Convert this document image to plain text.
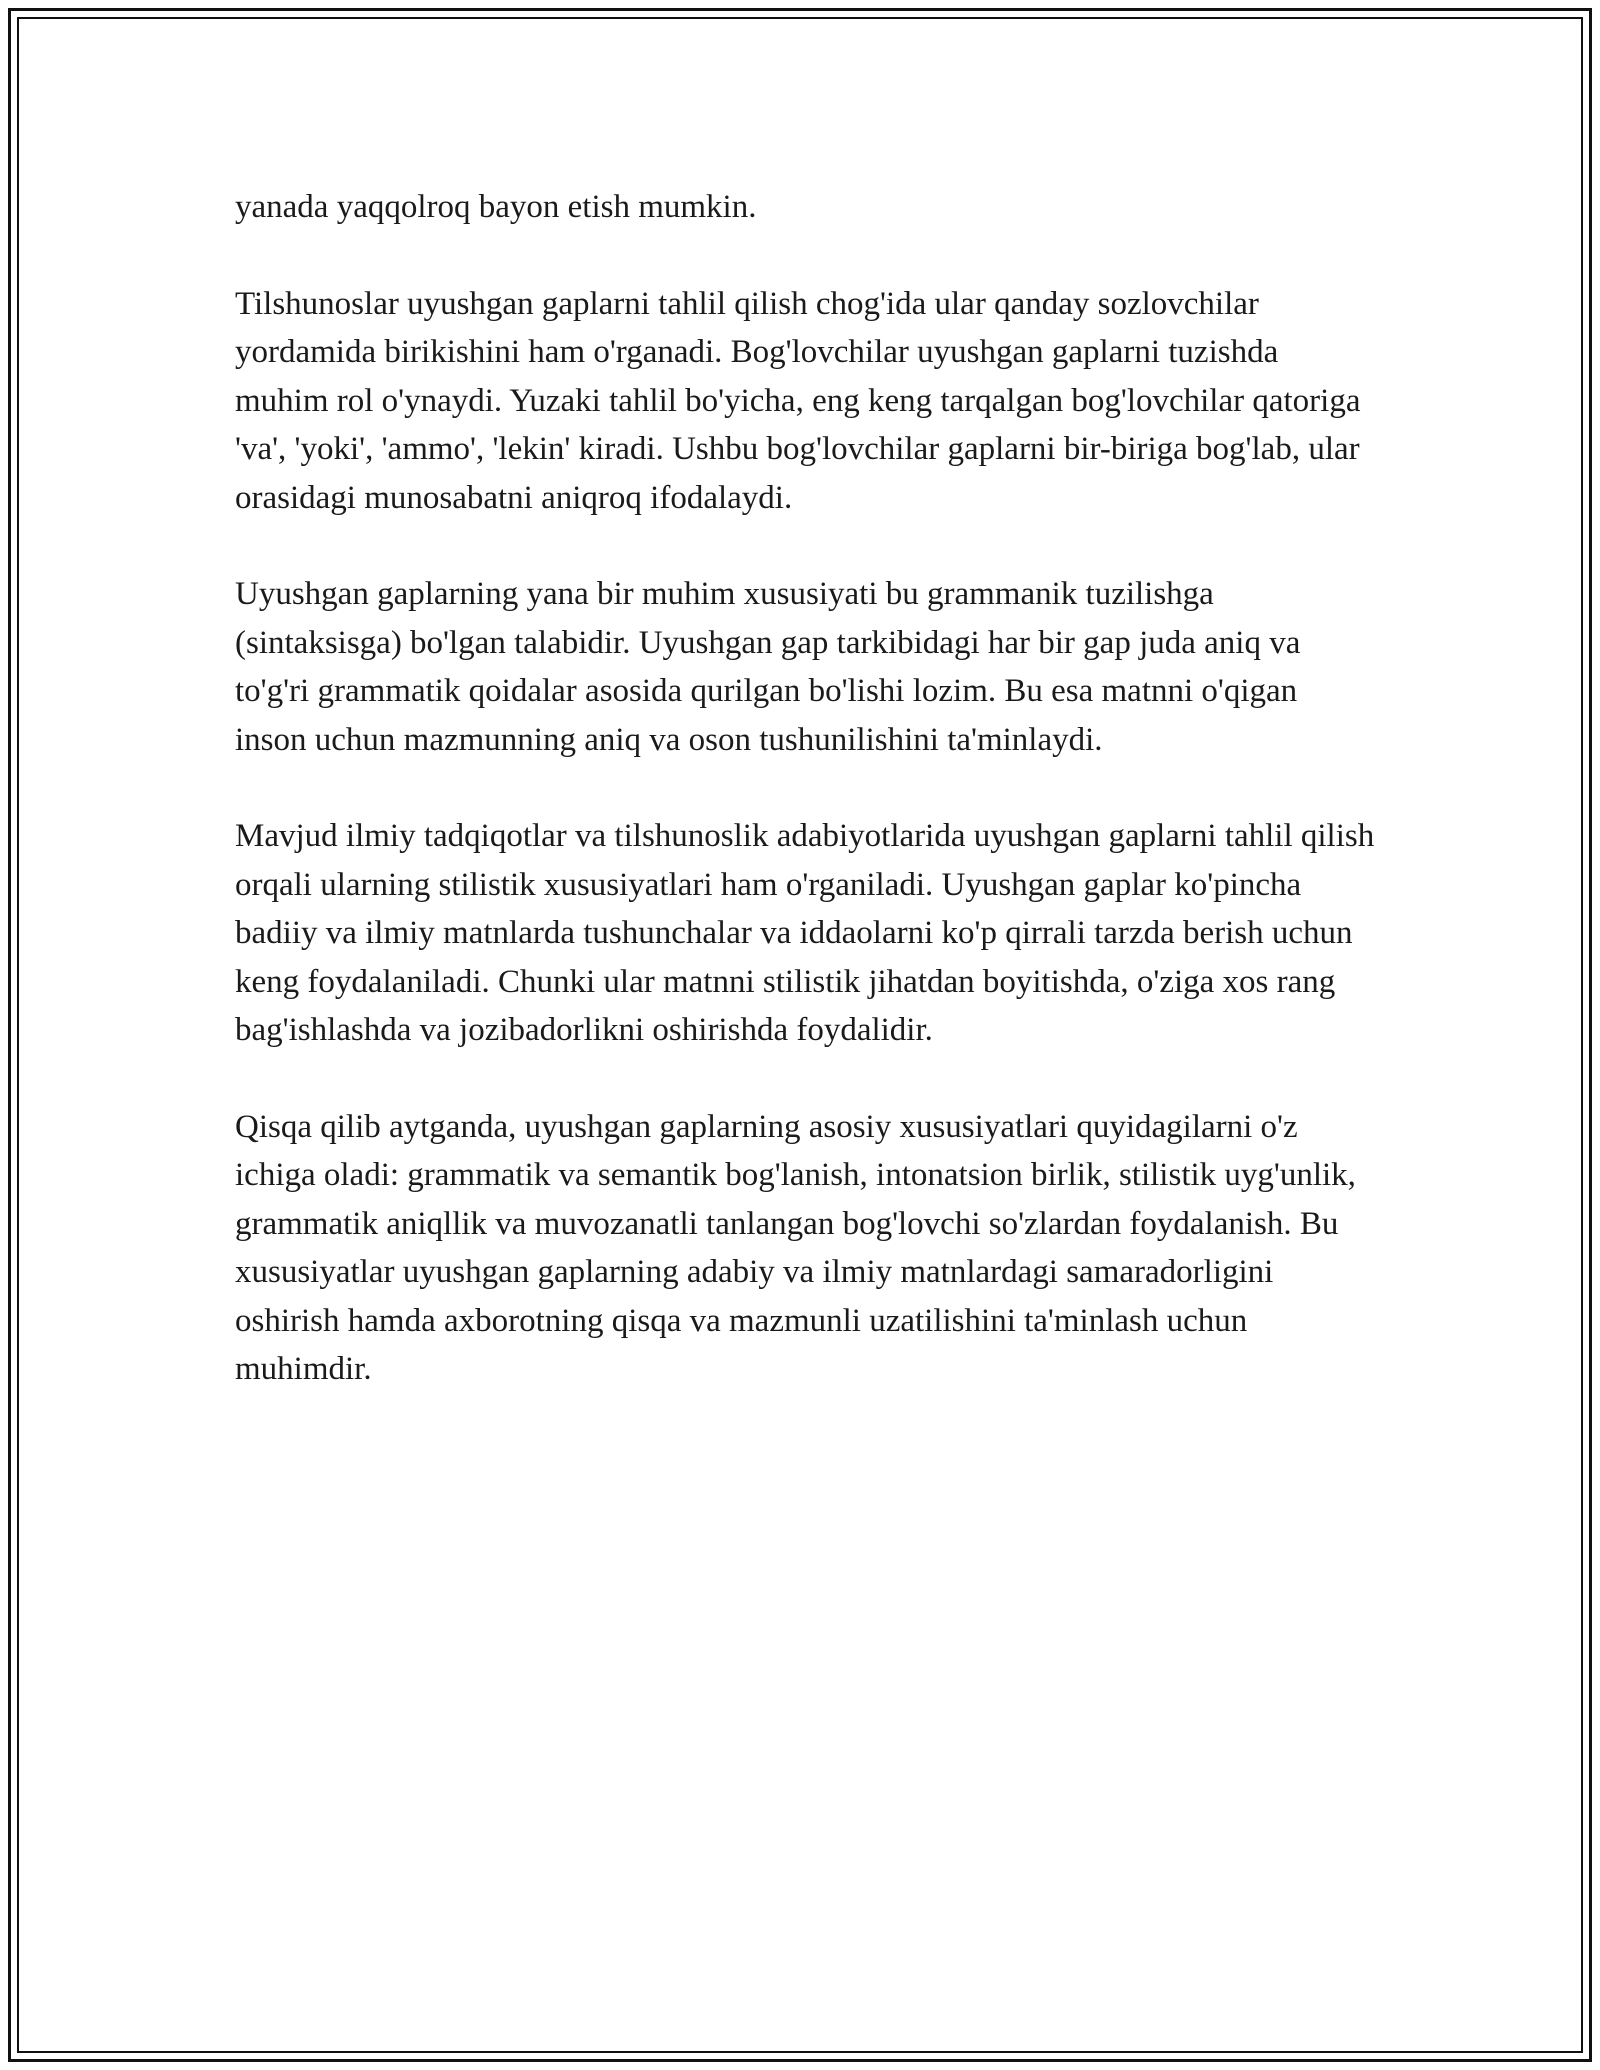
yanada yaqqolroq bayon etish mumkin.

Tilshunoslar uyushgan gaplarni tahlil qilish chog'ida ular qanday sozlovchilar yordamida birikishini ham o'rganadi. Bog'lovchilar uyushgan gaplarni tuzishda muhim rol o'ynaydi. Yuzaki tahlil bo'yicha, eng keng tarqalgan bog'lovchilar qatoriga 'va', 'yoki', 'ammo', 'lekin' kiradi. Ushbu bog'lovchilar gaplarni bir-biriga bog'lab, ular orasidagi munosabatni aniqroq ifodalaydi.

Uyushgan gaplarning yana bir muhim xususiyati bu grammanik tuzilishga (sintaksisga) bo'lgan talabidir. Uyushgan gap tarkibidagi har bir gap juda aniq va to'g'ri grammatik qoidalar asosida qurilgan bo'lishi lozim. Bu esa matnni o'qigan inson uchun mazmunning aniq va oson tushunilishini ta'minlaydi.

Mavjud ilmiy tadqiqotlar va tilshunoslik adabiyotlarida uyushgan gaplarni tahlil qilish orqali ularning stilistik xususiyatlari ham o'rganiladi. Uyushgan gaplar ko'pincha badiiy va ilmiy matnlarda tushunchalar va iddaolarni ko'p qirrali tarzda berish uchun keng foydalaniladi. Chunki ular matnni stilistik jihatdan boyitishda, o'ziga xos rang bag'ishlashda va jozibadorlikni oshirishda foydalidir.

Qisqa qilib aytganda, uyushgan gaplarning asosiy xususiyatlari quyidagilarni o'z ichiga oladi: grammatik va semantik bog'lanish, intonatsion birlik, stilistik uyg'unlik, grammatik aniqllik va muvozanatli tanlangan bog'lovchi so'zlardan foydalanish. Bu xususiyatlar uyushgan gaplarning adabiy va ilmiy matnlardagi samaradorligini oshirish hamda axborotning qisqa va mazmunli uzatilishini ta'minlash uchun muhimdir.
